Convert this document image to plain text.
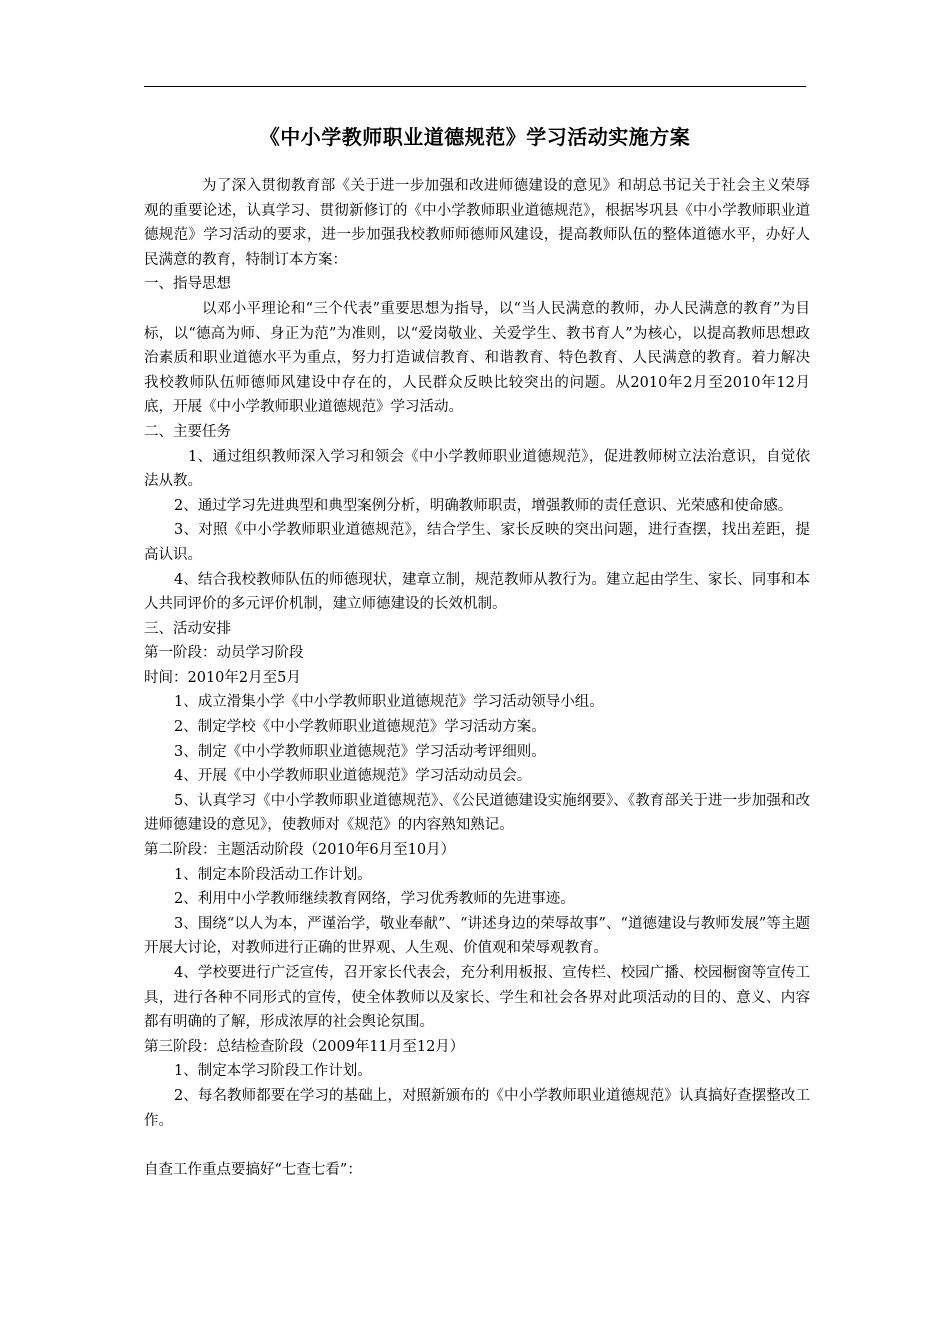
《中小学教师职业道德规范》学习活动实施方案

为了深入贯彻教育部《关于进一步加强和改进师德建设的意见》和胡总书记关于社会主义荣辱观的重要论述，认真学习、贯彻新修订的《中小学教师职业道德规范》，根据岑巩县《中小学教师职业道德规范》学习活动的要求，进一步加强我校教师师德师风建设，提高教师队伍的整体道德水平，办好人民满意的教育，特制订本方案：

一、指导思想

以邓小平理论和“三个代表”重要思想为指导，以“当人民满意的教师，办人民满意的教育”为目标，以“德高为师、身正为范”为准则，以“爱岗敬业、关爱学生、教书育人”为核心，以提高教师思想政治素质和职业道德水平为重点，努力打造诚信教育、和谐教育、特色教育、人民满意的教育。着力解决我校教师队伍师德师风建设中存在的，人民群众反映比较突出的问题。从2010年2月至2010年12月底，开展《中小学教师职业道德规范》学习活动。

二、主要任务

1、通过组织教师深入学习和领会《中小学教师职业道德规范》，促进教师树立法治意识，自觉依法从教。

2、通过学习先进典型和典型案例分析，明确教师职责，增强教师的责任意识、光荣感和使命感。

3、对照《中小学教师职业道德规范》，结合学生、家长反映的突出问题，进行查摆，找出差距，提高认识。

4、结合我校教师队伍的师德现状，建章立制，规范教师从教行为。建立起由学生、家长、同事和本人共同评价的多元评价机制，建立师德建设的长效机制。

三、活动安排

第一阶段：动员学习阶段

时间：2010年2月至5月

1、成立滑集小学《中小学教师职业道德规范》学习活动领导小组。

2、制定学校《中小学教师职业道德规范》学习活动方案。

3、制定《中小学教师职业道德规范》学习活动考评细则。

4、开展《中小学教师职业道德规范》学习活动动员会。

5、认真学习《中小学教师职业道德规范》、《公民道德建设实施纲要》、《教育部关于进一步加强和改进师德建设的意见》，使教师对《规范》的内容熟知熟记。

第二阶段：主题活动阶段（2010年6月至10月）

1、制定本阶段活动工作计划。

2、利用中小学教师继续教育网络，学习优秀教师的先进事迹。

3、围绕“以人为本，严谨治学，敬业奉献”、“讲述身边的荣辱故事”、“道德建设与教师发展”等主题开展大讨论，对教师进行正确的世界观、人生观、价值观和荣辱观教育。

4、学校要进行广泛宣传，召开家长代表会，充分利用板报、宣传栏、校园广播、校园橱窗等宣传工具，进行各种不同形式的宣传，使全体教师以及家长、学生和社会各界对此项活动的目的、意义、内容都有明确的了解，形成浓厚的社会舆论氛围。

第三阶段：总结检查阶段（2009年11月至12月）

1、制定本学习阶段工作计划。

2、每名教师都要在学习的基础上，对照新颁布的《中小学教师职业道德规范》认真搞好查摆整改工作。

自查工作重点要搞好“七查七看”：
